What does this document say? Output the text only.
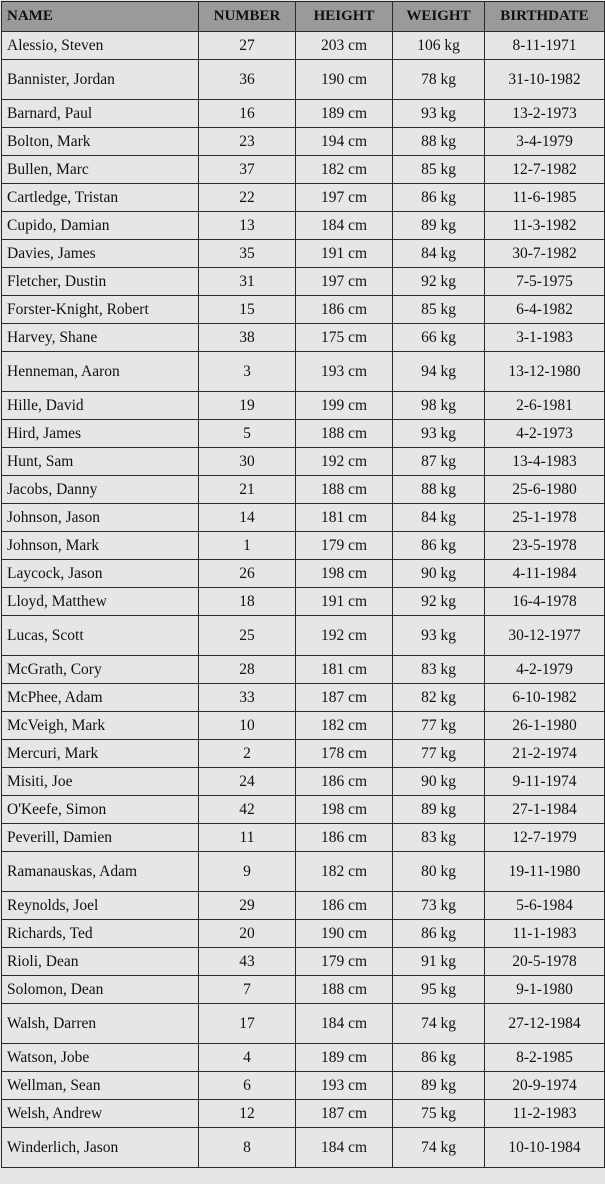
NAME	NUMBER	HEIGHT	WEIGHT	BIRTHDATE
Alessio, Steven	27	203 cm	106 kg	8-11-1971
Bannister, Jordan	36	190 cm	78 kg	31-10-1982
Barnard, Paul	16	189 cm	93 kg	13-2-1973
Bolton, Mark	23	194 cm	88 kg	3-4-1979
Bullen, Marc	37	182 cm	85 kg	12-7-1982
Cartledge, Tristan	22	197 cm	86 kg	11-6-1985
Cupido, Damian	13	184 cm	89 kg	11-3-1982
Davies, James	35	191 cm	84 kg	30-7-1982
Fletcher, Dustin	31	197 cm	92 kg	7-5-1975
Forster-Knight, Robert	15	186 cm	85 kg	6-4-1982
Harvey, Shane	38	175 cm	66 kg	3-1-1983
Henneman, Aaron	3	193 cm	94 kg	13-12-1980
Hille, David	19	199 cm	98 kg	2-6-1981
Hird, James	5	188 cm	93 kg	4-2-1973
Hunt, Sam	30	192 cm	87 kg	13-4-1983
Jacobs, Danny	21	188 cm	88 kg	25-6-1980
Johnson, Jason	14	181 cm	84 kg	25-1-1978
Johnson, Mark	1	179 cm	86 kg	23-5-1978
Laycock, Jason	26	198 cm	90 kg	4-11-1984
Lloyd, Matthew	18	191 cm	92 kg	16-4-1978
Lucas, Scott	25	192 cm	93 kg	30-12-1977
McGrath, Cory	28	181 cm	83 kg	4-2-1979
McPhee, Adam	33	187 cm	82 kg	6-10-1982
McVeigh, Mark	10	182 cm	77 kg	26-1-1980
Mercuri, Mark	2	178 cm	77 kg	21-2-1974
Misiti, Joe	24	186 cm	90 kg	9-11-1974
O'Keefe, Simon	42	198 cm	89 kg	27-1-1984
Peverill, Damien	11	186 cm	83 kg	12-7-1979
Ramanauskas, Adam	9	182 cm	80 kg	19-11-1980
Reynolds, Joel	29	186 cm	73 kg	5-6-1984
Richards, Ted	20	190 cm	86 kg	11-1-1983
Rioli, Dean	43	179 cm	91 kg	20-5-1978
Solomon, Dean	7	188 cm	95 kg	9-1-1980
Walsh, Darren	17	184 cm	74 kg	27-12-1984
Watson, Jobe	4	189 cm	86 kg	8-2-1985
Wellman, Sean	6	193 cm	89 kg	20-9-1974
Welsh, Andrew	12	187 cm	75 kg	11-2-1983
Winderlich, Jason	8	184 cm	74 kg	10-10-1984
